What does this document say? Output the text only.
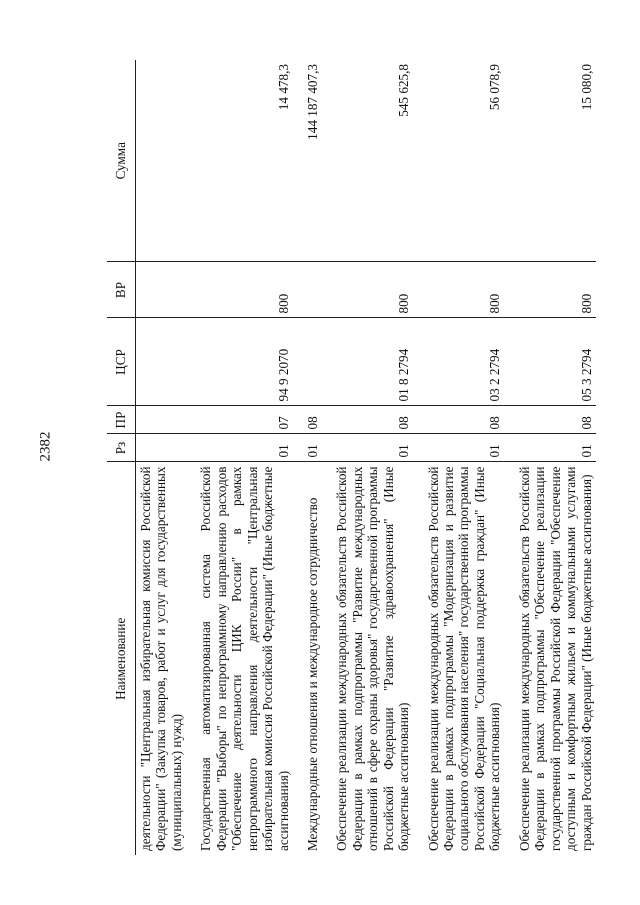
2382
Наименование	Рз	ПР	ЦСР	ВР	Сумма
деятельности "Центральная избирательная комиссия Российской Федерации" (Закупка товаров, работ и услуг для государственных (муниципальных) нужд)					

Государственная автоматизированная система Российской Федерации "Выборы" по непрограммному направлению расходов "Обеспечение деятельности ЦИК России" в рамках непрограммного направления деятельности "Центральная избирательная комиссия Российской Федерации" (Иные бюджетные ассигнования)	01	07	94 9 2070	800	14 478,3

Международные отношения и международное сотрудничество	01	08			144 187 407,3

Обеспечение реализации международных обязательств Российской Федерации в рамках подпрограммы "Развитие международных отношений в сфере охраны здоровья" государственной программы Российской Федерации "Развитие здравоохранения" (Иные бюджетные ассигнования)	01	08	01 8 2794	800	545 625,8

Обеспечение реализации международных обязательств Российской Федерации в рамках подпрограммы "Модернизация и развитие социального обслуживания населения" государственной программы Российской Федерации "Социальная поддержка граждан" (Иные бюджетные ассигнования)	01	08	03 2 2794	800	56 078,9

Обеспечение реализации международных обязательств Российской Федерации в рамках подпрограммы "Обеспечение реализации государственной программы Российской Федерации "Обеспечение доступным и комфортным жильем и коммунальными услугами граждан Российской Федерации" (Иные бюджетные ассигнования)	01	08	05 3 2794	800	15 080,0
